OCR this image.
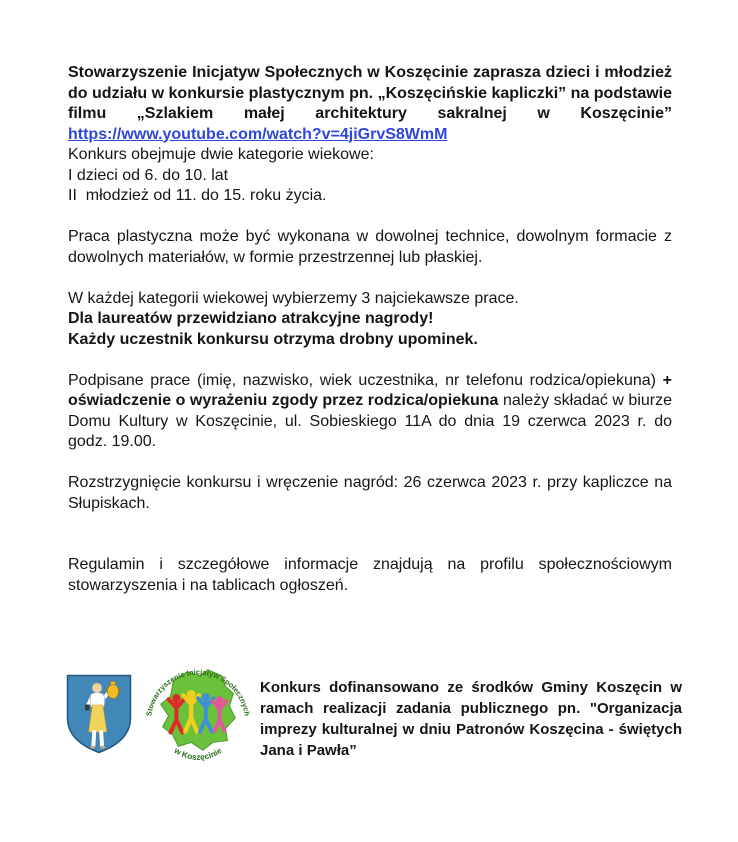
Stowarzyszenie Inicjatyw Społecznych w Koszęcinie zaprasza dzieci i młodzież do udziału w konkursie plastycznym pn. „Koszęcińskie kapliczki” na podstawie filmu „Szlakiem małej architektury sakralnej w Koszęcinie” https://www.youtube.com/watch?v=4jiGrvS8WmM

Konkurs obejmuje dwie kategorie wiekowe:
I dzieci od 6. do 10. lat
II  młodzież od 11. do 15. roku życia.

Praca plastyczna może być wykonana w dowolnej technice, dowolnym formacie z dowolnych materiałów, w formie przestrzennej lub płaskiej.

W każdej kategorii wiekowej wybierzemy 3 najciekawsze prace.
Dla laureatów przewidziano atrakcyjne nagrody!
Każdy uczestnik konkursu otrzyma drobny upominek.

Podpisane prace (imię, nazwisko, wiek uczestnika, nr telefonu rodzica/opiekuna) + oświadczenie o wyrażeniu zgody przez rodzica/opiekuna należy składać w biurze Domu Kultury w Koszęcinie, ul. Sobieskiego 11A do dnia 19 czerwca 2023 r. do godz. 19.00.

Rozstrzygnięcie konkursu i wręczenie nagród: 26 czerwca 2023 r. przy kapliczce na Słupiskach.

Regulamin i szczegółowe informacje znajdują na profilu społecznościowym stowarzyszenia i na tablicach ogłoszeń.

Stowarzyszenie Inicjatyw Społecznych
w Koszęcinie
Konkurs dofinansowano ze środków Gminy Koszęcin w ramach realizacji zadania publicznego pn. "Organizacja imprezy kulturalnej w dniu Patronów Koszęcina - świętych Jana i Pawła”
